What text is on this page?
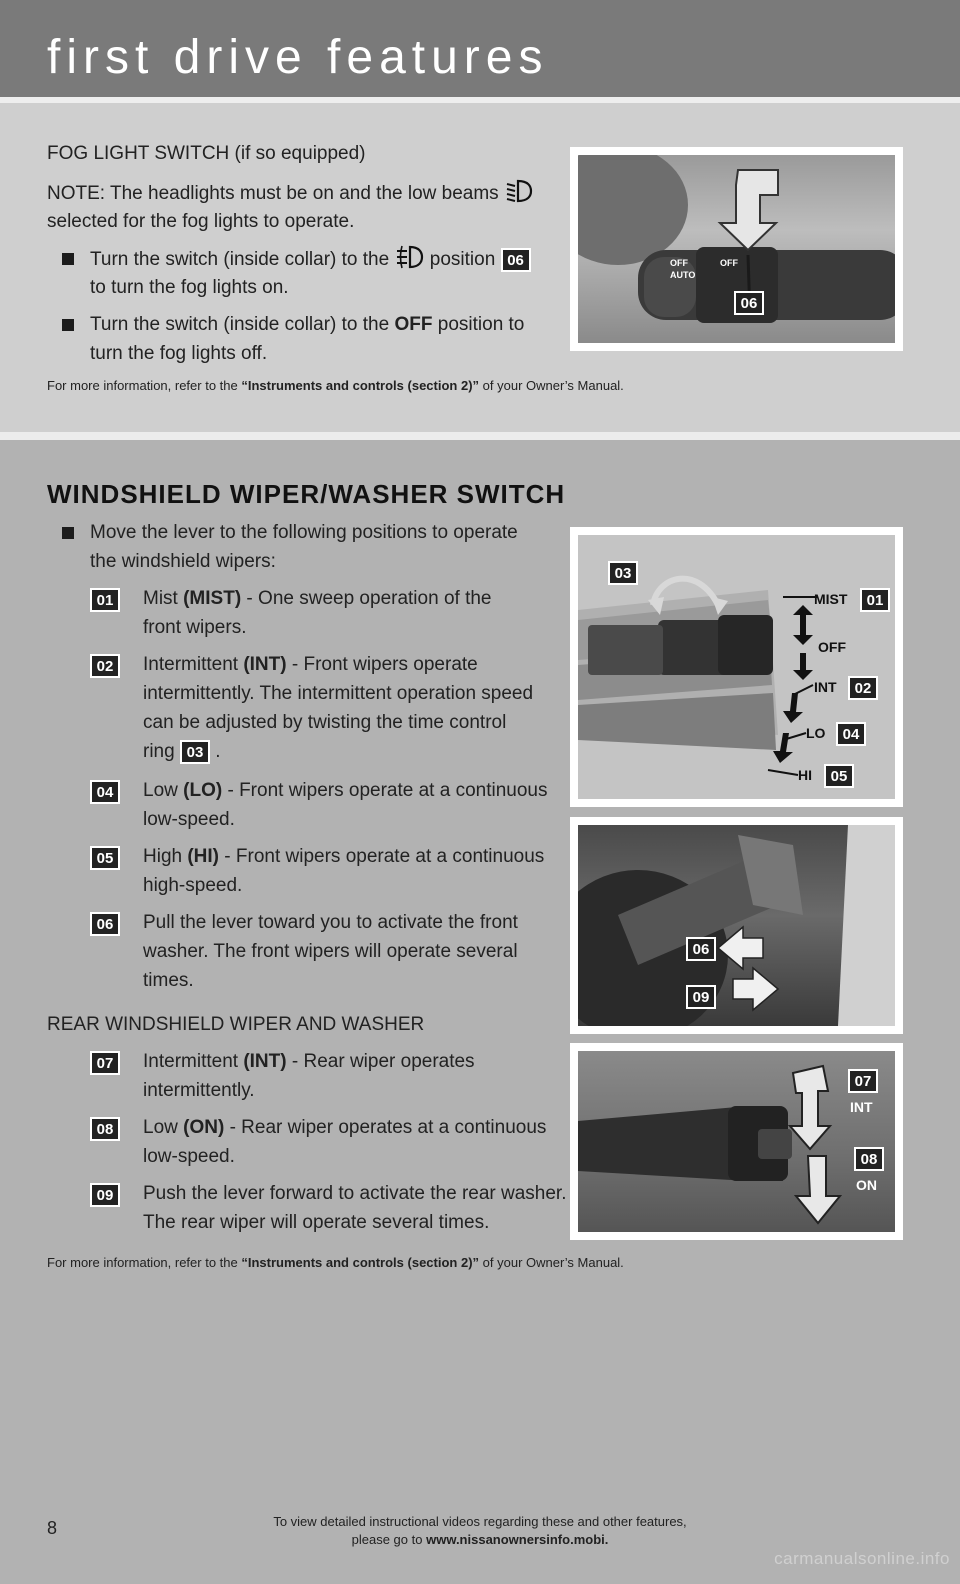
first drive features
FOG LIGHT SWITCH (if so equipped)
NOTE: The headlights must be on and the low beams
selected for the fog lights to operate.
Turn the switch (inside collar) to the position 06
to turn the fog lights on.
Turn the switch (inside collar) to the OFF position to
turn the fog lights off.
For more information, refer to the “Instruments and controls (section 2)” of your Owner’s Manual.
OFF	OFF
AUTO
06
WINDSHIELD WIPER/WASHER SWITCH
Move the lever to the following positions to operate
the windshield wipers:
01	Mist (MIST) - One sweep operation of the
front wipers.
02	Intermittent (INT) - Front wipers operate
intermittently. The intermittent operation speed
can be adjusted by twisting the time control
ring 03 .
04	Low (LO) - Front wipers operate at a continuous
low-speed.
05	High (HI) - Front wipers operate at a continuous
high-speed.
06	Pull the lever toward you to activate the front
washer. The front wipers will operate several
times.
REAR WINDSHIELD WIPER AND WASHER
07	Intermittent (INT) - Rear wiper operates
intermittently.
08	Low (ON) - Rear wiper operates at a continuous
low-speed.
09	Push the lever forward to activate the rear washer.
The rear wiper will operate several times.
For more information, refer to the “Instruments and controls (section 2)” of your Owner’s Manual.
03
MIST	01
OFF
INT	02
LO	04
HI	05
06
09
07
INT
08
ON
8	To view detailed instructional videos regarding these and other features,
please go to www.nissanownersinfo.mobi.
carmanualsonline.info
